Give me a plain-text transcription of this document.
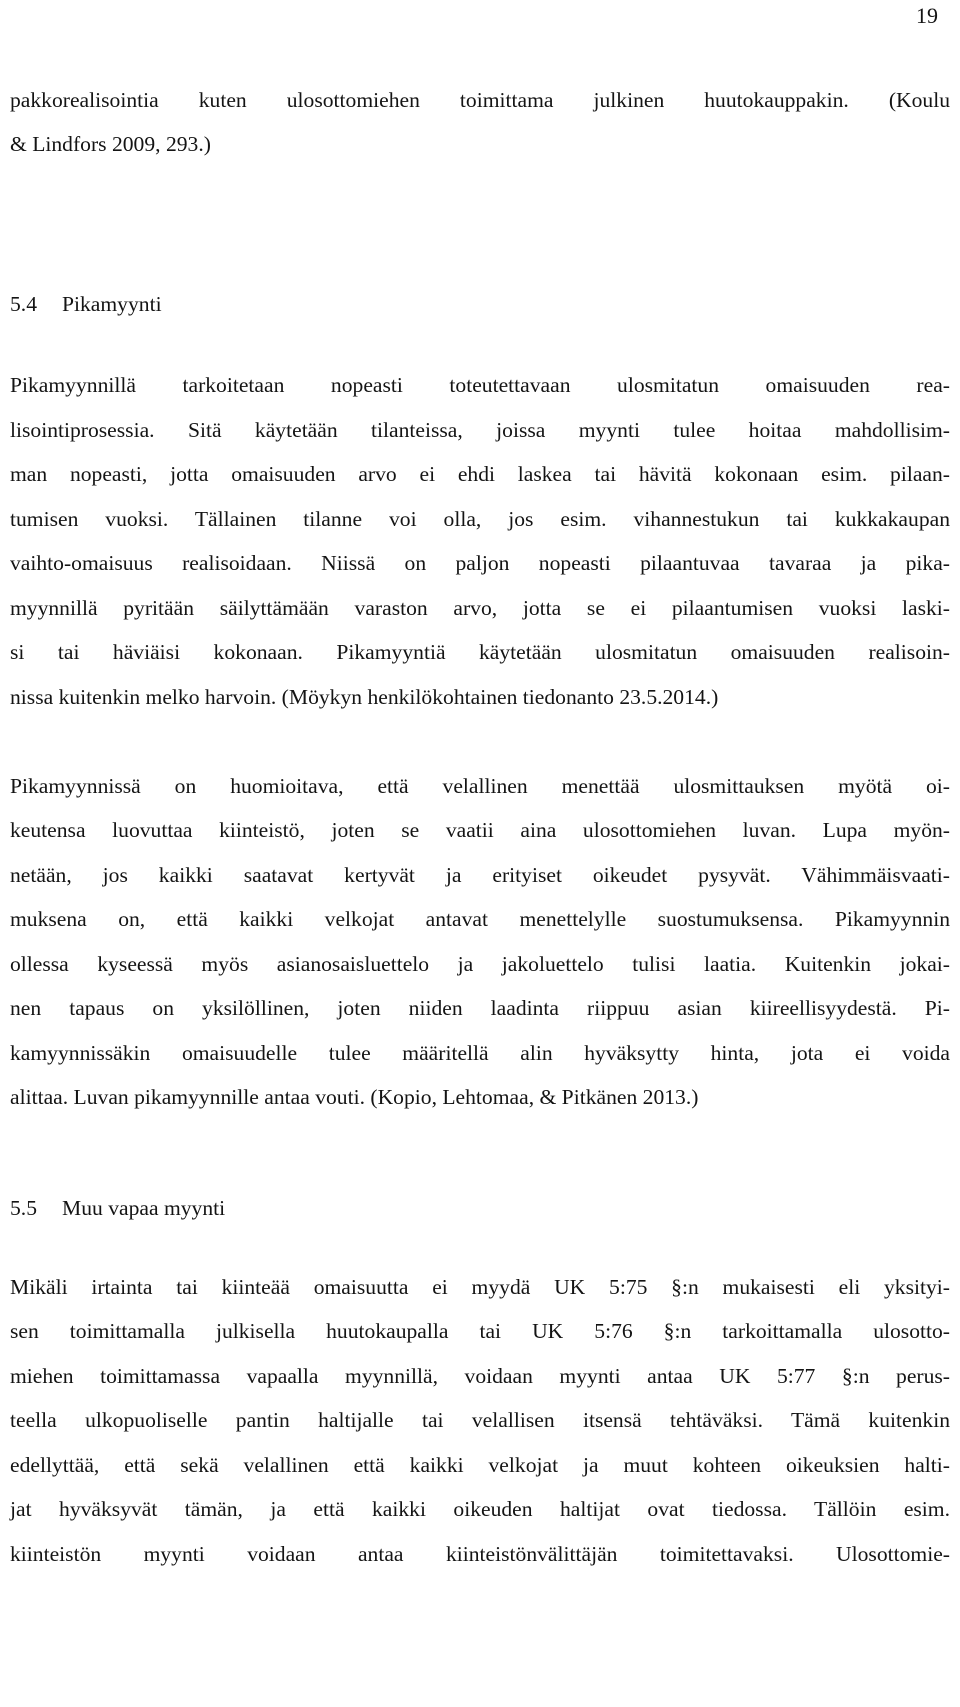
19
pakkorealisointia kuten ulosottomiehen toimittama julkinen huutokauppakin. (Koulu
& Lindfors 2009, 293.)
5.4 Pikamyynti
Pikamyynnillä tarkoitetaan nopeasti toteutettavaan ulosmitatun omaisuuden rea-
lisointiprosessia. Sitä käytetään tilanteissa, joissa myynti tulee hoitaa mahdollisim-
man nopeasti, jotta omaisuuden arvo ei ehdi laskea tai hävitä kokonaan esim. pilaan-
tumisen vuoksi. Tällainen tilanne voi olla, jos esim. vihannestukun tai kukkakaupan
vaihto-omaisuus realisoidaan. Niissä on paljon nopeasti pilaantuvaa tavaraa ja pika-
myynnillä pyritään säilyttämään varaston arvo, jotta se ei pilaantumisen vuoksi laski-
si tai häviäisi kokonaan. Pikamyyntiä käytetään ulosmitatun omaisuuden realisoin-
nissa kuitenkin melko harvoin. (Möykyn henkilökohtainen tiedonanto 23.5.2014.)
Pikamyynnissä on huomioitava, että velallinen menettää ulosmittauksen myötä oi-
keutensa luovuttaa kiinteistö, joten se vaatii aina ulosottomiehen luvan. Lupa myön-
netään, jos kaikki saatavat kertyvät ja erityiset oikeudet pysyvät. Vähimmäisvaati-
muksena on, että kaikki velkojat antavat menettelylle suostumuksensa. Pikamyynnin
ollessa kyseessä myös asianosaisluettelo ja jakoluettelo tulisi laatia. Kuitenkin jokai-
nen tapaus on yksilöllinen, joten niiden laadinta riippuu asian kiireellisyydestä. Pi-
kamyynnissäkin omaisuudelle tulee määritellä alin hyväksytty hinta, jota ei voida
alittaa. Luvan pikamyynnille antaa vouti. (Kopio, Lehtomaa, & Pitkänen 2013.)
5.5 Muu vapaa myynti
Mikäli irtainta tai kiinteää omaisuutta ei myydä UK 5:75 §:n mukaisesti eli yksityi-
sen toimittamalla julkisella huutokaupalla tai UK 5:76 §:n tarkoittamalla ulosotto-
miehen toimittamassa vapaalla myynnillä, voidaan myynti antaa UK 5:77 §:n perus-
teella ulkopuoliselle pantin haltijalle tai velallisen itsensä tehtäväksi. Tämä kuitenkin
edellyttää, että sekä velallinen että kaikki velkojat ja muut kohteen oikeuksien halti-
jat hyväksyvät tämän, ja että kaikki oikeuden haltijat ovat tiedossa. Tällöin esim.
kiinteistön myynti voidaan antaa kiinteistönvälittäjän toimitettavaksi. Ulosottomie-
